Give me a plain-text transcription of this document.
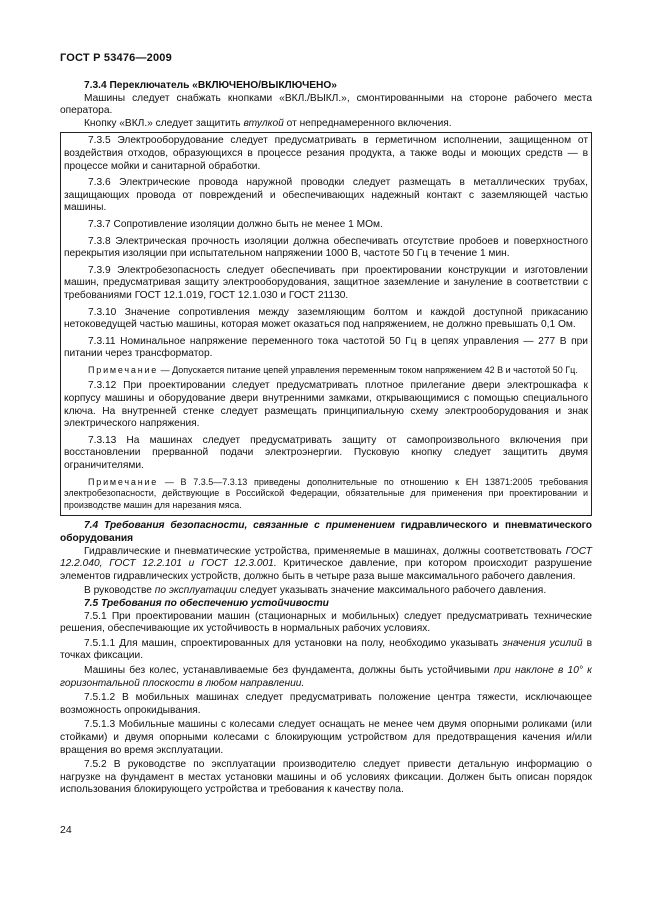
ГОСТ Р 53476—2009

7.3.4 Переключатель «ВКЛЮЧЕНО/ВЫКЛЮЧЕНО»

Машины следует снабжать кнопками «ВКЛ./ВЫКЛ.», смонтированными на стороне рабочего места оператора.

Кнопку «ВКЛ.» следует защитить втулкой от непреднамеренного включения.

7.3.5 Электрооборудование следует предусматривать в герметичном исполнении, защищенном от воздействия отходов, образующихся в процессе резания продукта, а также воды и моющих средств — в процессе мойки и санитарной обработки.

7.3.6 Электрические провода наружной проводки следует размещать в металлических трубах, защищающих провода от повреждений и обеспечивающих надежный контакт с заземляющей частью машины.

7.3.7 Сопротивление изоляции должно быть не менее 1 МОм.

7.3.8 Электрическая прочность изоляции должна обеспечивать отсутствие пробоев и поверхностного перекрытия изоляции при испытательном напряжении 1000 В, частоте 50 Гц в течение 1 мин.

7.3.9 Электробезопасность следует обеспечивать при проектировании конструкции и изготовлении машин, предусматривая защиту электрооборудования, защитное заземление и зануление в соответствии с требованиями ГОСТ 12.1.019, ГОСТ 12.1.030 и ГОСТ 21130.

7.3.10 Значение сопротивления между заземляющим болтом и каждой доступной прикасанию нетоковедущей частью машины, которая может оказаться под напряжением, не должно превышать 0,1 Ом.

7.3.11 Номинальное напряжение переменного тока частотой 50 Гц в цепях управления — 277 В при питании через трансформатор.

Примечание — Допускается питание цепей управления переменным током напряжением 42 В и частотой 50 Гц.

7.3.12 При проектировании следует предусматривать плотное прилегание двери электрошкафа к корпусу машины и оборудование двери внутренними замками, открывающимися с помощью специального ключа. На внутренней стенке следует размещать принципиальную схему электрооборудования и знак электрического напряжения.

7.3.13 На машинах следует предусматривать защиту от самопроизвольного включения при восстановлении прерванной подачи электроэнергии. Пусковую кнопку следует защитить двумя ограничителями.

Примечание — В 7.3.5—7.3.13 приведены дополнительные по отношению к ЕН 13871:2005 требования электробезопасности, действующие в Российской Федерации, обязательные для применения при проектировании и производстве машин для нарезания мяса.

7.4 Требования безопасности, связанные с применением гидравлического и пневматического оборудования

Гидравлические и пневматические устройства, применяемые в машинах, должны соответствовать ГОСТ 12.2.040, ГОСТ 12.2.101 и ГОСТ 12.3.001. Критическое давление, при котором происходит разрушение элементов гидравлических устройств, должно быть в четыре раза выше максимального рабочего давления.

В руководстве по эксплуатации следует указывать значение максимального рабочего давления.

7.5 Требования по обеспечению устойчивости

7.5.1 При проектировании машин (стационарных и мобильных) следует предусматривать технические решения, обеспечивающие их устойчивость в нормальных рабочих условиях.

7.5.1.1 Для машин, спроектированных для установки на полу, необходимо указывать значения усилий в точках фиксации.

Машины без колес, устанавливаемые без фундамента, должны быть устойчивыми при наклоне в 10° к горизонтальной плоскости в любом направлении.

7.5.1.2 В мобильных машинах следует предусматривать положение центра тяжести, исключающее возможность опрокидывания.

7.5.1.3 Мобильные машины с колесами следует оснащать не менее чем двумя опорными роликами (или стойками) и двумя опорными колесами с блокирующим устройством для предотвращения качения и/или вращения во время эксплуатации.

7.5.2 В руководстве по эксплуатации производителю следует привести детальную информацию о нагрузке на фундамент в местах установки машины и об условиях фиксации. Должен быть описан порядок использования блокирующего устройства и требования к качеству пола.

24
